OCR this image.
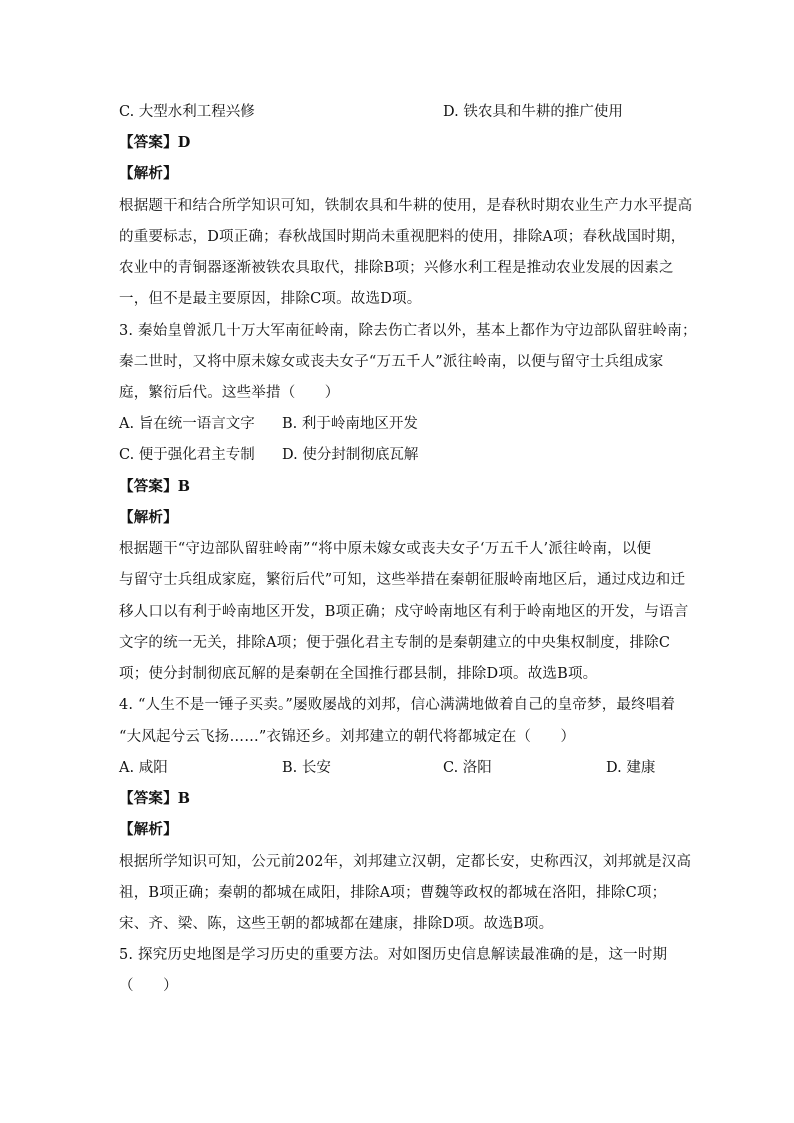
C. 大型水利工程兴修	D. 铁农具和牛耕的推广使用
【答案】D
【解析】
根据题干和结合所学知识可知，铁制农具和牛耕的使用，是春秋时期农业生产力水平提高
的重要标志，D项正确；春秋战国时期尚未重视肥料的使用，排除A项；春秋战国时期，
农业中的青铜器逐渐被铁农具取代，排除B项；兴修水利工程是推动农业发展的因素之
一，但不是最主要原因，排除C项。故选D项。
3. 秦始皇曾派几十万大军南征岭南，除去伤亡者以外，基本上都作为守边部队留驻岭南；
秦二世时，又将中原未嫁女或丧夫女子“万五千人”派往岭南，以便与留守士兵组成家
庭，繁衍后代。这些举措（　　）
A. 旨在统一语言文字 B. 利于岭南地区开发
C. 便于强化君主专制 D. 使分封制彻底瓦解
【答案】B
【解析】
根据题干“守边部队留驻岭南”“将中原未嫁女或丧夫女子‘万五千人’派往岭南，以便
与留守士兵组成家庭，繁衍后代”可知，这些举措在秦朝征服岭南地区后，通过戍边和迁
移人口以有利于岭南地区开发，B项正确；戍守岭南地区有利于岭南地区的开发，与语言
文字的统一无关，排除A项；便于强化君主专制的是秦朝建立的中央集权制度，排除C
项；使分封制彻底瓦解的是秦朝在全国推行郡县制，排除D项。故选B项。
4. “人生不是一锤子买卖。”屡败屡战的刘邦，信心满满地做着自己的皇帝梦，最终唱着
“大风起兮云飞扬……”衣锦还乡。刘邦建立的朝代将都城定在（　　）
A. 咸阳	B. 长安	C. 洛阳	D. 建康
【答案】B
【解析】
根据所学知识可知，公元前202年，刘邦建立汉朝，定都长安，史称西汉，刘邦就是汉高
祖，B项正确；秦朝的都城在咸阳，排除A项；曹魏等政权的都城在洛阳，排除C项；
宋、齐、梁、陈，这些王朝的都城都在建康，排除D项。故选B项。
5. 探究历史地图是学习历史的重要方法。对如图历史信息解读最准确的是，这一时期
（　　）
